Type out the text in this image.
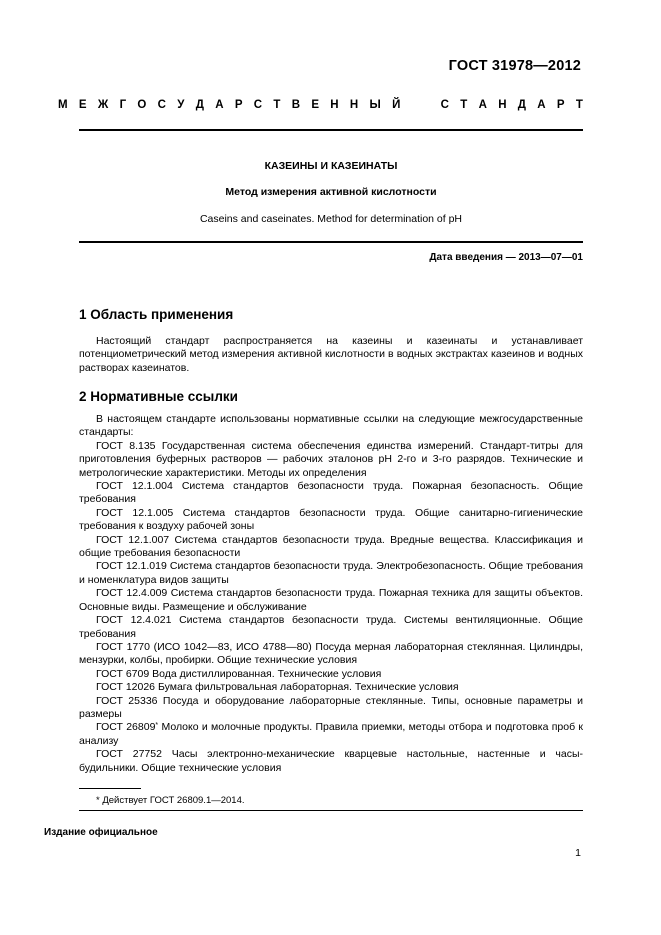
ГОСТ 31978—2012
М Е Ж Г О С У Д А Р С Т В Е Н Н Ы Й

	С Т А Н Д А Р Т
КАЗЕИНЫ И КАЗЕИНАТЫ
Метод измерения активной кислотности
Caseins and caseinates. Method for determination of pH
Дата введения — 2013—07—01
1 Область применения

Настоящий стандарт распространяется на казеины и казеинаты и устанавливает потенциометрический метод измерения активной кислотности в водных экстрактах казеинов и водных растворах казеинатов.

2 Нормативные ссылки

В настоящем стандарте использованы нормативные ссылки на следующие межгосударственные стандарты:

ГОСТ 8.135 Государственная система обеспечения единства измерений. Стандарт-титры для приготовления буферных растворов — рабочих эталонов pH 2-го и 3-го разрядов. Технические и метрологические характеристики. Методы их определения

ГОСТ 12.1.004 Система стандартов безопасности труда. Пожарная безопасность. Общие требования

ГОСТ 12.1.005 Система стандартов безопасности труда. Общие санитарно-гигиенические требования к воздуху рабочей зоны

ГОСТ 12.1.007 Система стандартов безопасности труда. Вредные вещества. Классификация и общие требования безопасности

ГОСТ 12.1.019 Система стандартов безопасности труда. Электробезопасность. Общие требования и номенклатура видов защиты

ГОСТ 12.4.009 Система стандартов безопасности труда. Пожарная техника для защиты объектов. Основные виды. Размещение и обслуживание

ГОСТ 12.4.021 Система стандартов безопасности труда. Системы вентиляционные. Общие требования

ГОСТ 1770 (ИСО 1042—83, ИСО 4788—80) Посуда мерная лабораторная стеклянная. Цилиндры, мензурки, колбы, пробирки. Общие технические условия

ГОСТ 6709 Вода дистиллированная. Технические условия

ГОСТ 12026 Бумага фильтровальная лабораторная. Технические условия

ГОСТ 25336 Посуда и оборудование лабораторные стеклянные. Типы, основные параметры и размеры

ГОСТ 26809* Молоко и молочные продукты. Правила приемки, методы отбора и подготовка проб к анализу

ГОСТ 27752 Часы электронно-механические кварцевые настольные, настенные и часы-будильники. Общие технические условия

* Действует ГОСТ 26809.1—2014.
Издание официальное
1
